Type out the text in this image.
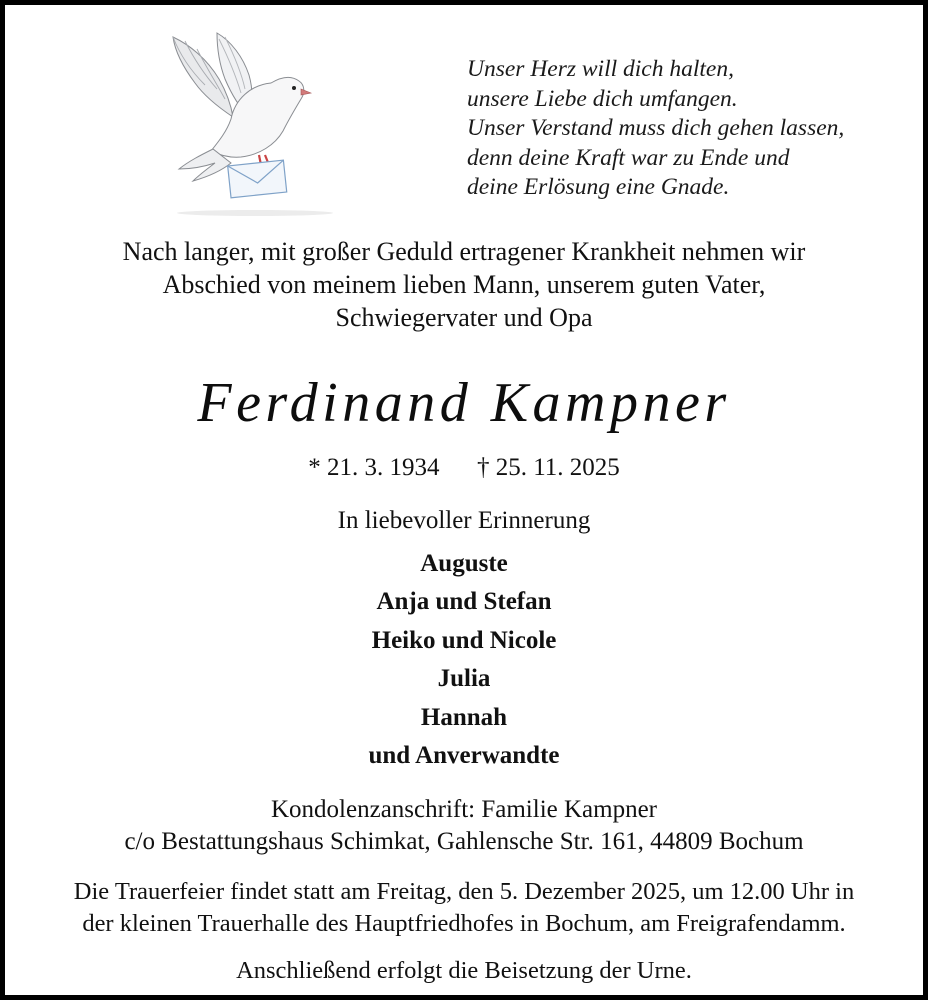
Unser Herz will dich halten,
unsere Liebe dich umfangen.
Unser Verstand muss dich gehen lassen,
denn deine Kraft war zu Ende und
deine Erlösung eine Gnade.
Nach langer, mit großer Geduld ertragener Krankheit nehmen wir
Abschied von meinem lieben Mann, unserem guten Vater,
Schwiegervater und Opa
Ferdinand Kampner
* 21. 3. 1934 † 25. 11. 2025
In liebevoller Erinnerung
Auguste
Anja und Stefan
Heiko und Nicole
Julia
Hannah
und Anverwandte
Kondolenzanschrift: Familie Kampner
c/o Bestattungshaus Schimkat, Gahlensche Str. 161, 44809 Bochum
Die Trauerfeier findet statt am Freitag, den 5. Dezember 2025, um 12.00 Uhr in
der kleinen Trauerhalle des Hauptfriedhofes in Bochum, am Freigrafendamm.
Anschließend erfolgt die Beisetzung der Urne.
